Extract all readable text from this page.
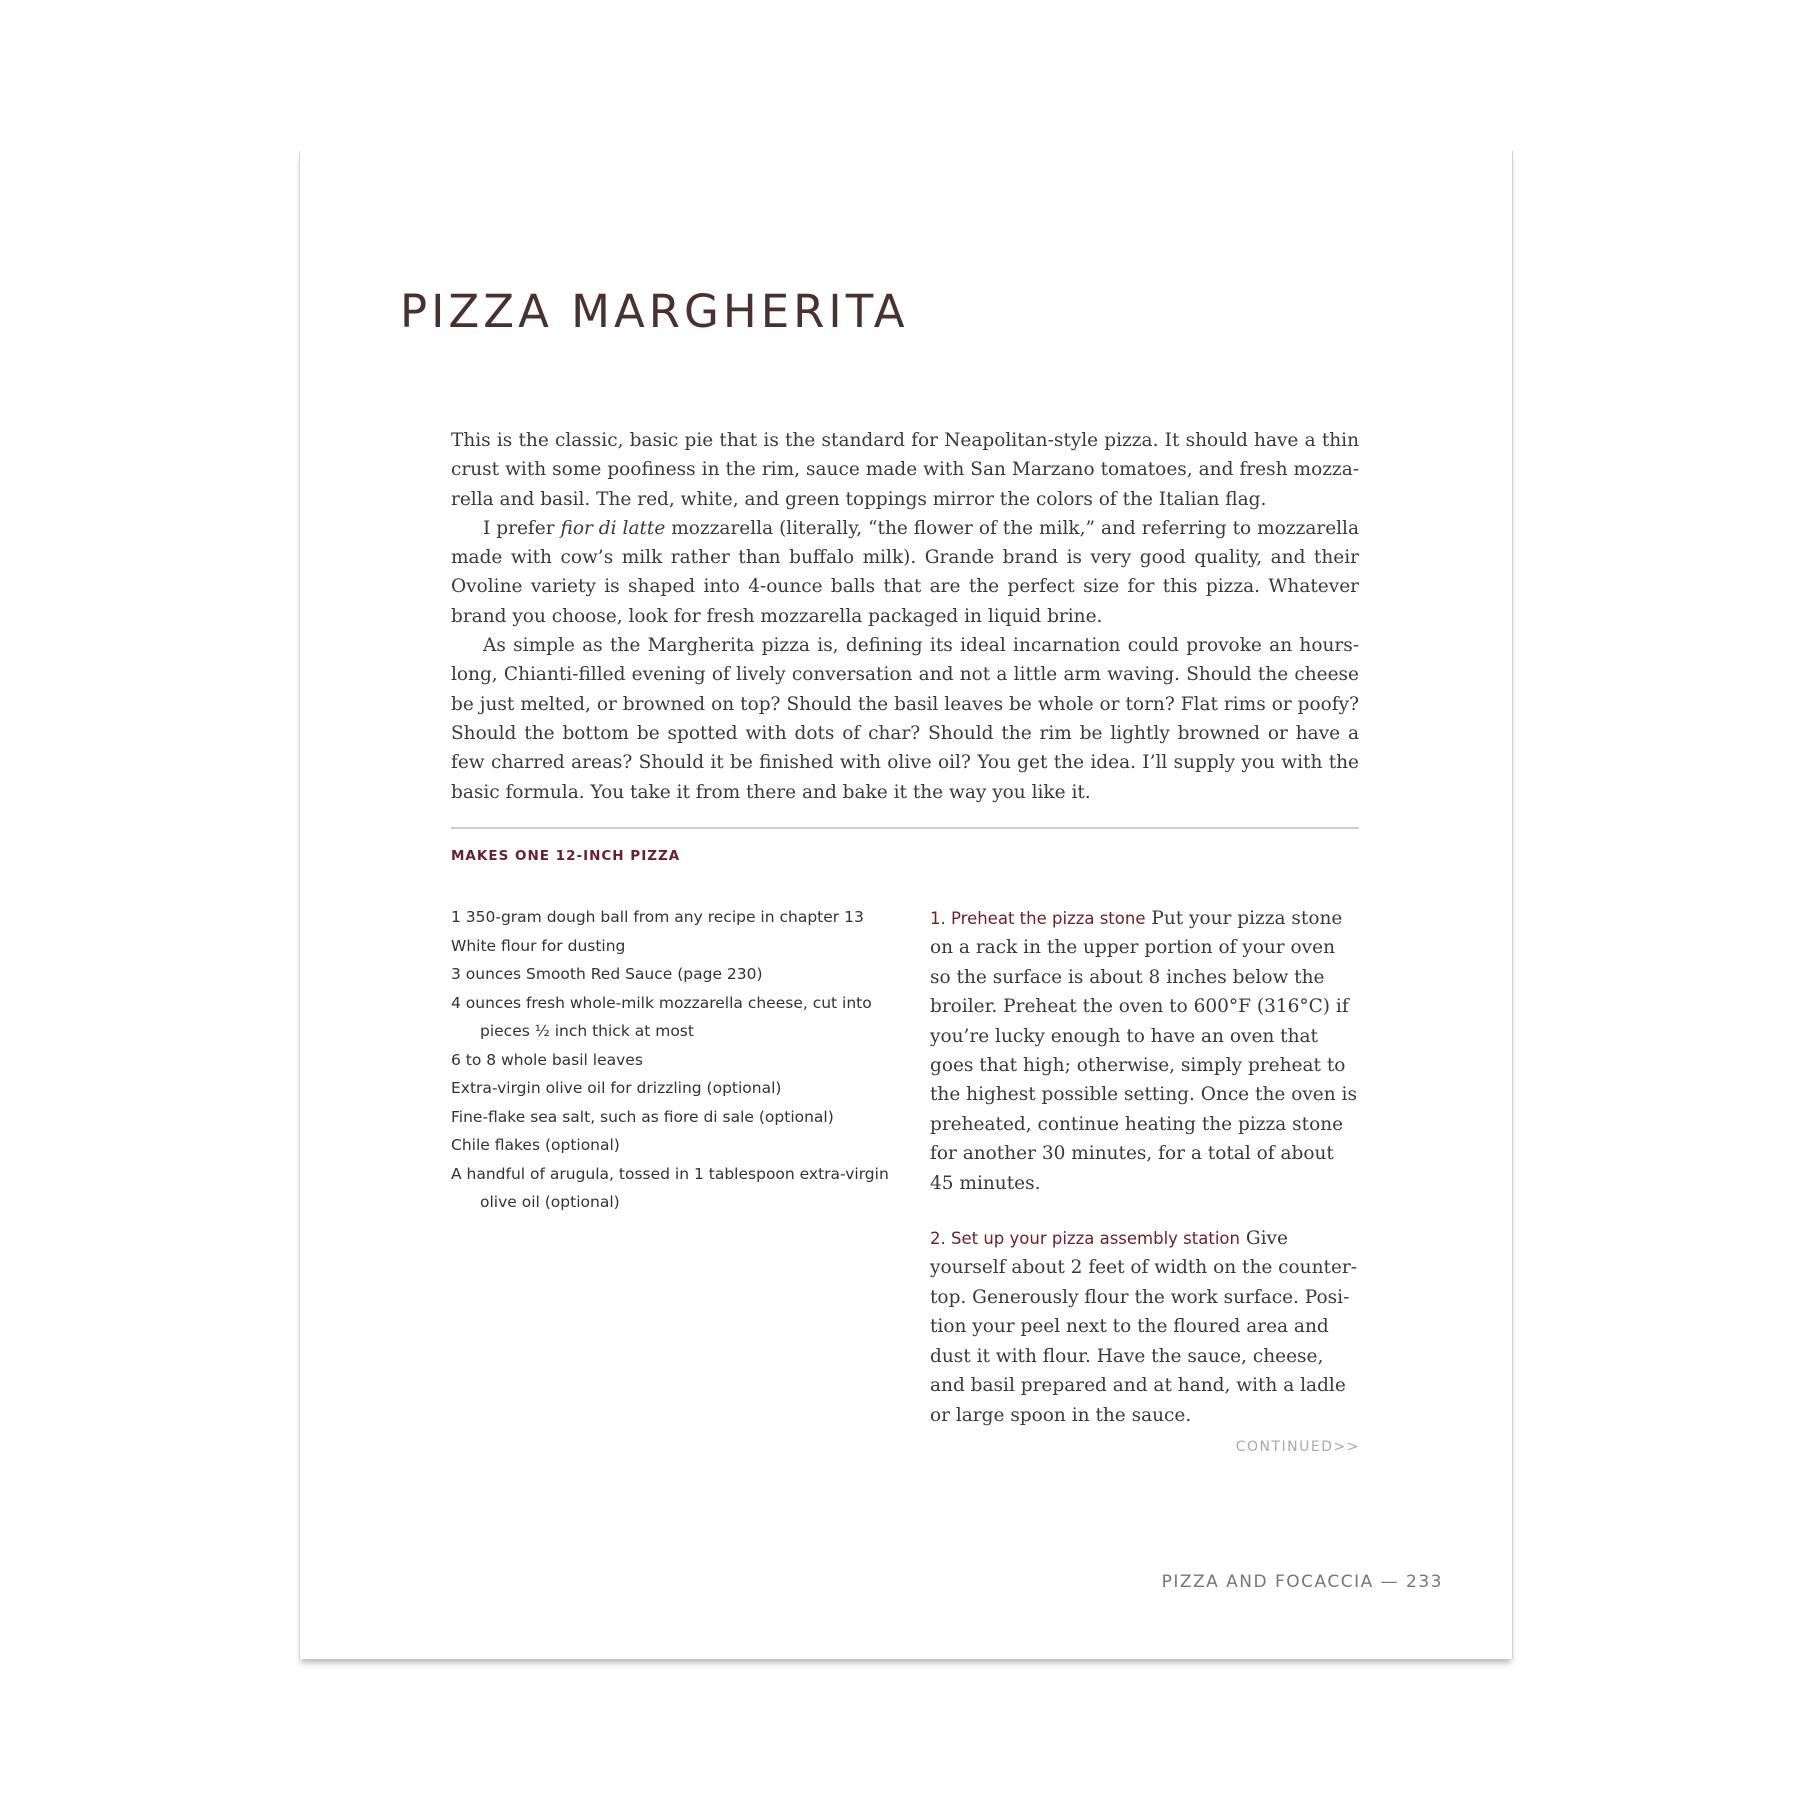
PIZZA MARGHERITA

This is the classic, basic pie that is the standard for Neapolitan-style pizza. It should have a thin crust with some poofiness in the rim, sauce made with San Marzano tomatoes, and fresh mozzarella and basil. The red, white, and green toppings mirror the colors of the Italian flag.

I prefer fior di latte mozzarella (literally, “the flower of the milk,” and referring to mozzarella made with cow’s milk rather than buffalo milk). Grande brand is very good quality, and their Ovoline variety is shaped into 4-ounce balls that are the perfect size for this pizza. Whatever brand you choose, look for fresh mozzarella packaged in liquid brine.

As simple as the Margherita pizza is, defining its ideal incarnation could provoke an hours-long, Chianti-filled evening of lively conversation and not a little arm waving. Should the cheese be just melted, or browned on top? Should the basil leaves be whole or torn? Flat rims or poofy? Should the bottom be spotted with dots of char? Should the rim be lightly browned or have a few charred areas? Should it be finished with olive oil? You get the idea. I’ll supply you with the basic formula. You take it from there and bake it the way you like it.

MAKES ONE 12-INCH PIZZA
1 350-gram dough ball from any recipe in chapter 13
White flour for dusting
3 ounces Smooth Red Sauce (page 230)
4 ounces fresh whole-milk mozzarella cheese, cut into pieces ½ inch thick at most
6 to 8 whole basil leaves
Extra-virgin olive oil for drizzling (optional)
Fine-flake sea salt, such as fiore di sale (optional)
Chile flakes (optional)
A handful of arugula, tossed in 1 tablespoon extra-virgin olive oil (optional)

1. Preheat the pizza stone Put your pizza stone on a rack in the upper portion of your oven so the surface is about 8 inches below the broiler. Preheat the oven to 600°F (316°C) if you’re lucky enough to have an oven that goes that high; otherwise, simply preheat to the highest possible setting. Once the oven is preheated, continue heating the pizza stone for another 30 minutes, for a total of about 45 minutes.

2. Set up your pizza assembly station Give yourself about 2 feet of width on the countertop. Generously flour the work surface. Position your peel next to the floured area and dust it with flour. Have the sauce, cheese, and basil prepared and at hand, with a ladle or large spoon in the sauce.

CONTINUED>>
PIZZA AND FOCACCIA — 233
